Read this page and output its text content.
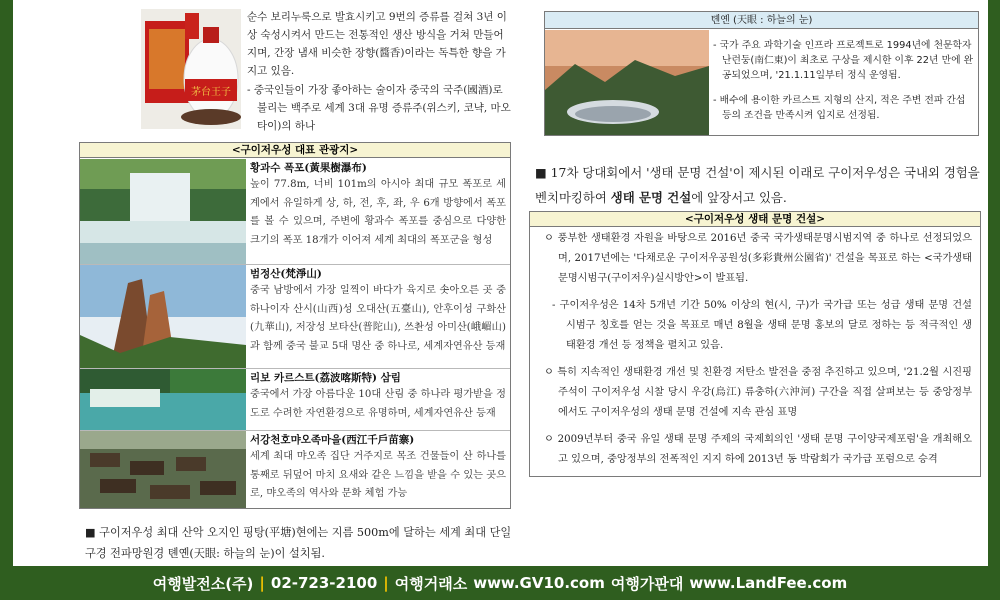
茅台王子

순수 보리누룩으로 발효시키고 9번의 증류를 걸쳐 3년 이상 숙성시켜서 만드는 전통적인 생산 방식을 거쳐 만들어지며, 간장 냄새 비슷한 장향(醬香)이라는 독특한 향을 가지고 있음.

- 중국인들이 가장 좋아하는 술이자 중국의 국주(國酒)로 불리는 백주로 세계 3대 유명 증류주(위스키, 코냑, 마오타이)의 하나

<구이저우성 대표 관광지>
황과수 폭포(黃果樹瀑布)
높이 77.8m, 너비 101m의 아시아 최대 규모 폭포로 세계에서 유일하게 상, 하, 전, 후, 좌, 우 6개 방향에서 폭포를 볼 수 있으며, 주변에 황과수 폭포를 중심으로 다양한 크기의 폭포 18개가 이어져 세계 최대의 폭포군을 형성
범정산(梵淨山)
중국 남방에서 가장 일찍이 바다가 육지로 솟아오른 곳 중 하나이자 산시(山西)성 오대산(五臺山), 안후이성 구화산(九華山), 저장성 보타산(普陀山), 쓰촨성 아미산(峨嵋山)과 함께 중국 불교 5대 명산 중 하나로, 세계자연유산 등재
리보 카르스트(荔波喀斯特) 삼림
중국에서 가장 아름다운 10대 산림 중 하나라 평가받을 정도로 수려한 자연환경으로 유명하며, 세계자연유산 등재
서강천호먀오족마을(西江千戶苗寨)
세계 최대 먀오족 집단 거주지로 목조 건물들이 산 하나를 통째로 뒤덮어 마치 요새와 같은 느낌을 받을 수 있는 곳으로, 먀오족의 역사와 문화 체험 가능
■ 구이저우성 최대 산악 오지인 핑탕(平塘)현에는 지름 500m에 달하는 세계 최대 단일 구경 전파망원경 톈옌(天眼: 하늘의 눈)이 설치됨.
톈옌 (天眼 : 하늘의 눈)

- 국가 주요 과학기술 인프라 프로젝트로 1994년에 천문학자 난런둥(南仁東)이 최초로 구상을 제시한 이후 22년 만에 완공되었으며, '21.1.11일부터 정식 운영됨.

- 배수에 용이한 카르스트 지형의 산지, 적은 주변 전파 간섭 등의 조건을 만족시켜 입지로 선정됨.

■ 17차 당대회에서 '생태 문명 건설'이 제시된 이래로 구이저우성은 국내외 경험을 벤치마킹하여 생태 문명 건설에 앞장서고 있음.
<구이저우성 생태 문명 건설>

ㅇ 풍부한 생태환경 자원을 바탕으로 2016년 중국 국가생태문명시범지역 중 하나로 선정되었으며, 2017년에는 '다채로운 구이저우공원성(多彩貴州公園省)' 건설을 목표로 하는 <국가생태문명시범구(구이저우)실시방안>이 발표됨.

- 구이저우성은 14차 5개년 기간 50% 이상의 현(시, 구)가 국가급 또는 성급 생태 문명 건설 시범구 칭호를 얻는 것을 목표로 매년 8월을 생태 문명 홍보의 달로 정하는 등 적극적인 생태환경 개선 등 정책을 펼치고 있음.

ㅇ 특히 지속적인 생태환경 개선 및 친환경 저탄소 발전을 중점 추진하고 있으며, '21.2월 시진핑 주석이 구이저우성 시찰 당시 우강(烏江) 류충하(六沖河) 구간을 직접 살펴보는 등 중앙정부에서도 구이저우성의 생태 문명 건설에 지속 관심 표명

ㅇ 2009년부터 중국 유일 생태 문명 주제의 국제회의인 '생태 문명 구이양국제포럼'을 개최해오고 있으며, 중앙정부의 전폭적인 지지 하에 2013년 동 박람회가 국가급 포럼으로 승격

여행발전소(주) | 02-723-2100 | 여행거래소 www.GV10.com 여행가판대 www.LandFee.com
